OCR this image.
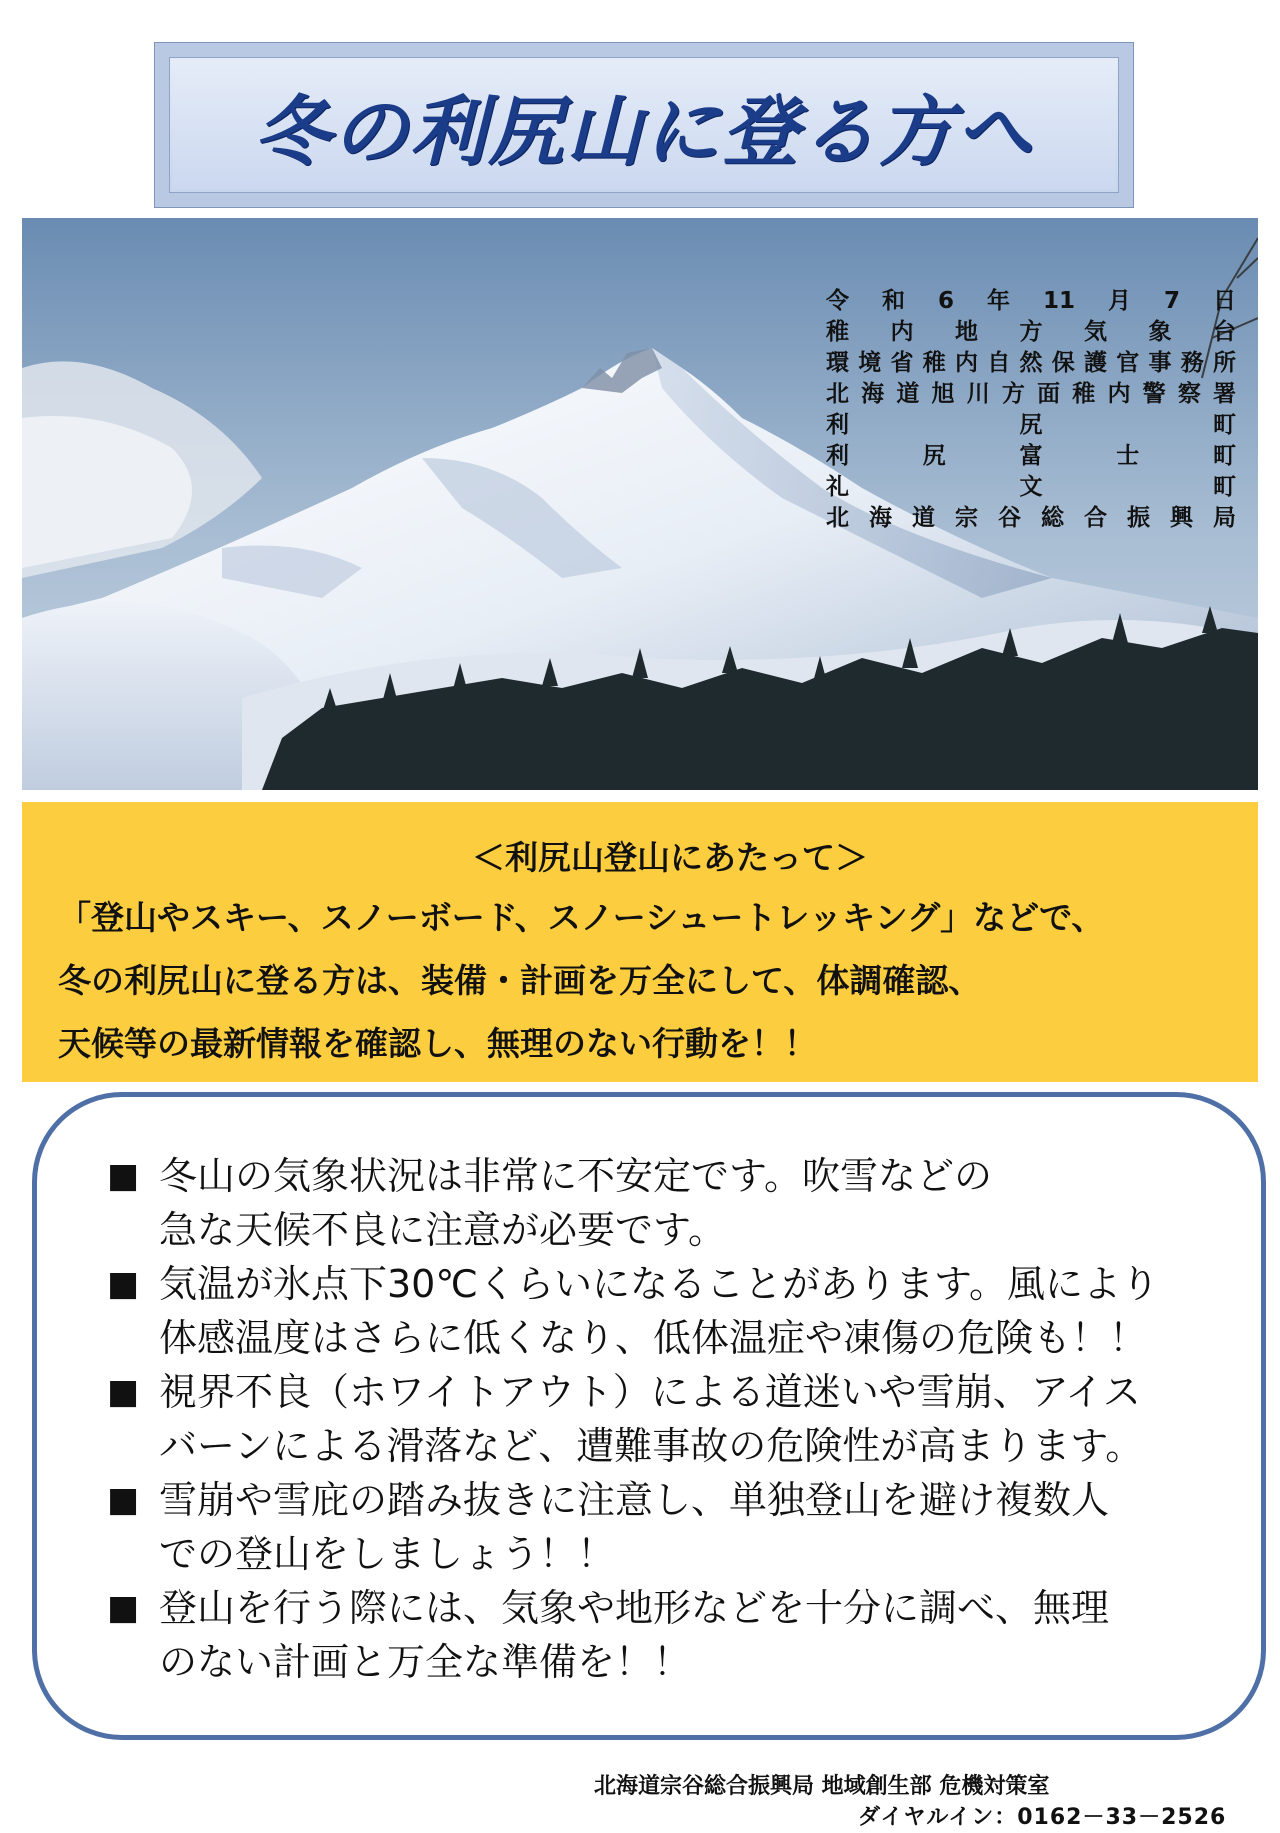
冬の利尻山に登る方へ
令和6年11月7日
稚内地方気象台
環境省稚内自然保護官事務所
北海道旭川方面稚内警察署
利尻町
利尻富士町
礼文町
北海道宗谷総合振興局
＜利尻山登山にあたって＞
「登山やスキー、スノーボード、スノーシュートレッキング」などで、
冬の利尻山に登る方は、装備・計画を万全にして、体調確認、
天候等の最新情報を確認し、無理のない行動を！！
■ 冬山の気象状況は非常に不安定です。吹雪などの
急な天候不良に注意が必要です。
■ 気温が氷点下30℃くらいになることがあります。風により
体感温度はさらに低くなり、低体温症や凍傷の危険も！！
■ 視界不良（ホワイトアウト）による道迷いや雪崩、アイス
バーンによる滑落など、遭難事故の危険性が高まります。
■ 雪崩や雪庇の踏み抜きに注意し、単独登山を避け複数人
での登山をしましょう！！
■ 登山を行う際には、気象や地形などを十分に調べ、無理
のない計画と万全な準備を！！
北海道宗谷総合振興局 地域創生部 危機対策室
ダイヤルイン：0162－33－2526
